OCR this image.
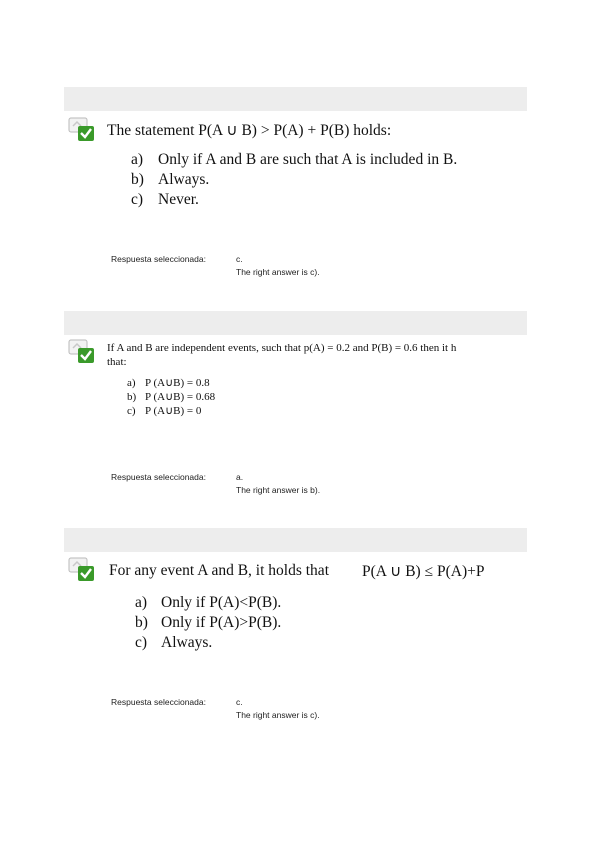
The statement P(A ∪ B) > P(A) + P(B) holds:
a) Only if A and B are such that A is included in B.
b) Always.
c) Never.
Respuesta seleccionada:	c.
The right answer is c).
If A and B are independent events, such that p(A) = 0.2 and P(B) = 0.6 then it h
that:
a) P (A∪B) = 0.8
b) P (A∪B) = 0.68
c) P (A∪B) = 0
Respuesta seleccionada:	a.
The right answer is b).
For any event A and B, it holds that P(A ∪ B) ≤ P(A)+P
a) Only if P(A)<P(B).
b) Only if P(A)>P(B).
c) Always.
Respuesta seleccionada:	c.
The right answer is c).
